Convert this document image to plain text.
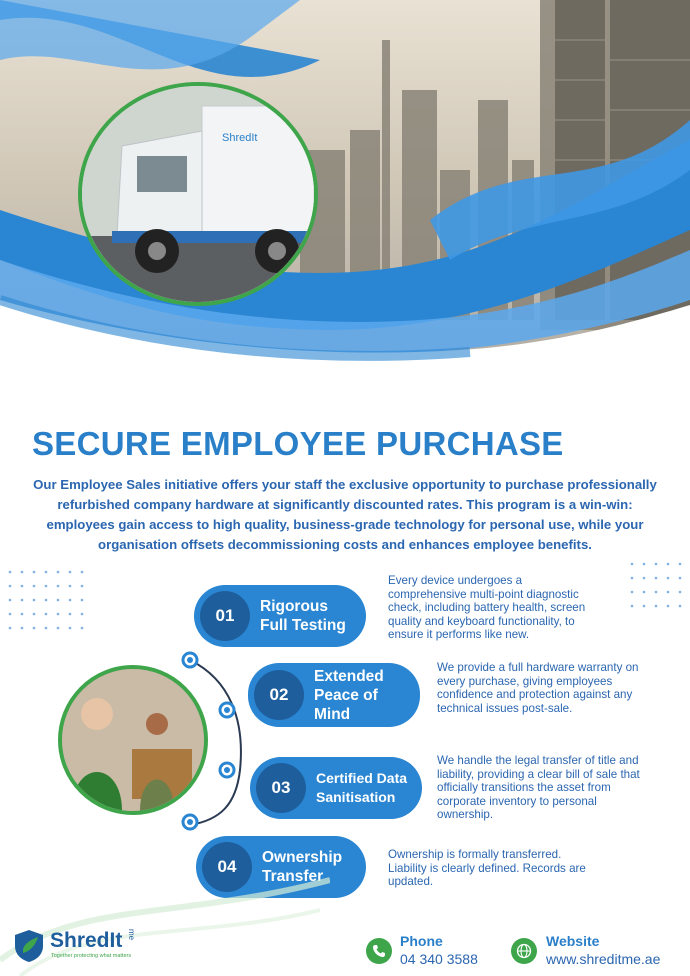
ShredIt
SECURE EMPLOYEE PURCHASE

Our Employee Sales initiative offers your staff the exclusive opportunity to purchase professionally refurbished company hardware at significantly discounted rates. This program is a win-win: employees gain access to high quality, business-grade technology for personal use, while your organisation offsets decommissioning costs and enhances employee benefits.

01	Rigorous
Full Testing

Every device undergoes a comprehensive multi-point diagnostic check, including battery health, screen quality and keyboard functionality, to ensure it performs like new.

02
Extended
Peace of
Mind

We provide a full hardware warranty on every purchase, giving employees confidence and protection against any technical issues post-sale.

03	Certified Data
Sanitisation

We handle the legal transfer of title and liability, providing a clear bill of sale that officially transitions the asset from corporate inventory to personal ownership.

04	Ownership
Transfer

Ownership is formally transferred. Liability is clearly defined. Records are updated.

ShredIt me
Together protecting what matters
Phone
04 340 3588
Website
www.shreditme.ae
